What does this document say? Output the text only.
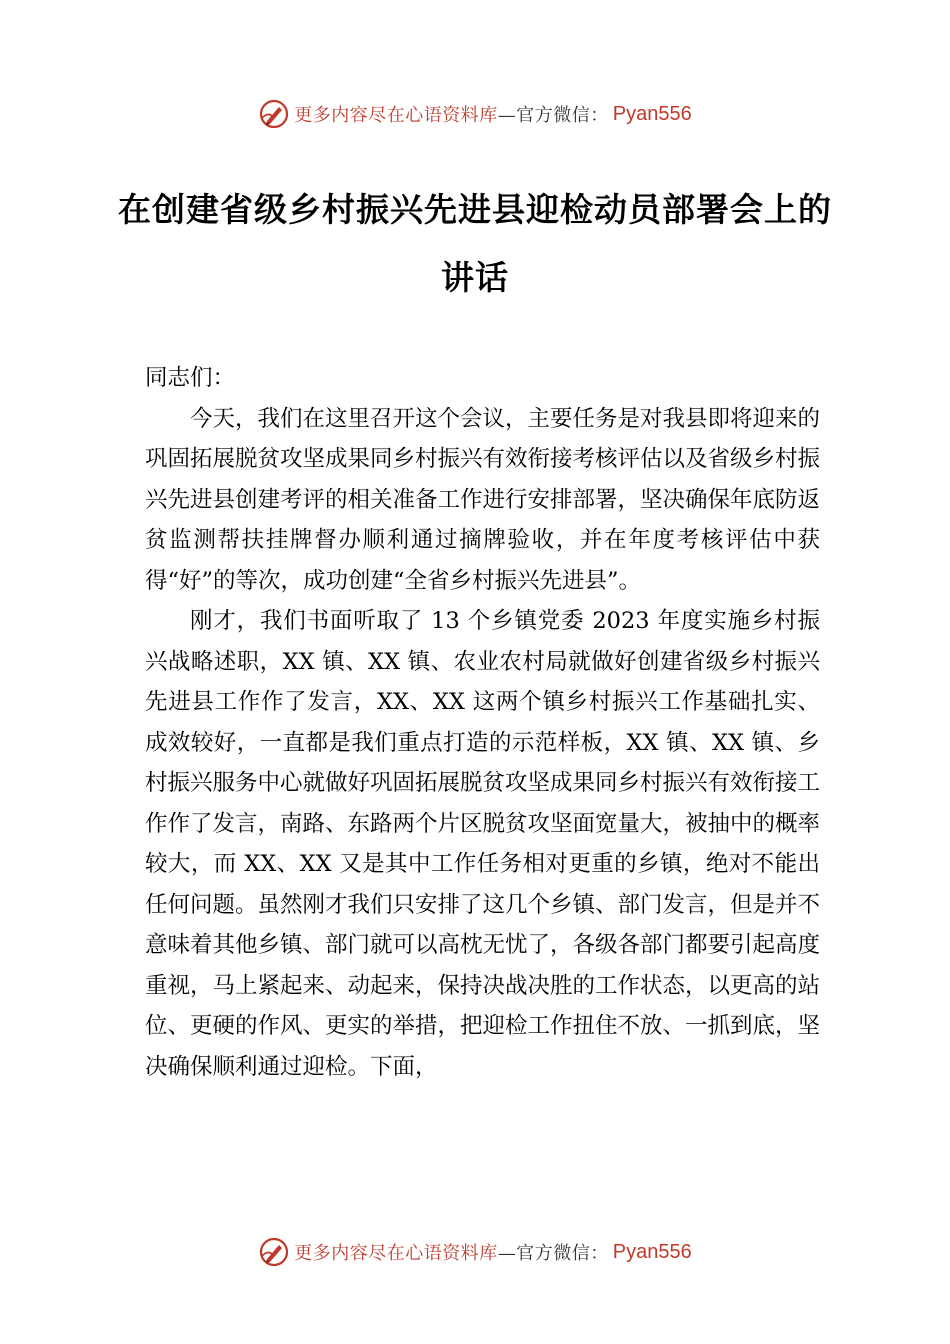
更多内容尽在心语资料库 —官方微信： Pyan556
在创建省级乡村振兴先进县迎检动员部署会上的讲话

同志们：

今天，我们在这里召开这个会议，主要任务是对我县即将迎来的巩固拓展脱贫攻坚成果同乡村振兴有效衔接考核评估以及省级乡村振兴先进县创建考评的相关准备工作进行安排部署，坚决确保年底防返贫监测帮扶挂牌督办顺利通过摘牌验收，并在年度考核评估中获得“好”的等次，成功创建“全省乡村振兴先进县”。

刚才，我们书面听取了 13 个乡镇党委 2023 年度实施乡村振兴战略述职，XX 镇、XX 镇、农业农村局就做好创建省级乡村振兴先进县工作作了发言，XX、XX 这两个镇乡村振兴工作基础扎实、成效较好，一直都是我们重点打造的示范样板，XX 镇、XX 镇、乡村振兴服务中心就做好巩固拓展脱贫攻坚成果同乡村振兴有效衔接工作作了发言，南路、东路两个片区脱贫攻坚面宽量大，被抽中的概率较大，而 XX、XX 又是其中工作任务相对更重的乡镇，绝对不能出任何问题。虽然刚才我们只安排了这几个乡镇、部门发言，但是并不意味着其他乡镇、部门就可以高枕无忧了，各级各部门都要引起高度重视，马上紧起来、动起来，保持决战决胜的工作状态，以更高的站位、更硬的作风、更实的举措，把迎检工作扭住不放、一抓到底，坚决确保顺利通过迎检。下面，

更多内容尽在心语资料库 —官方微信： Pyan556
